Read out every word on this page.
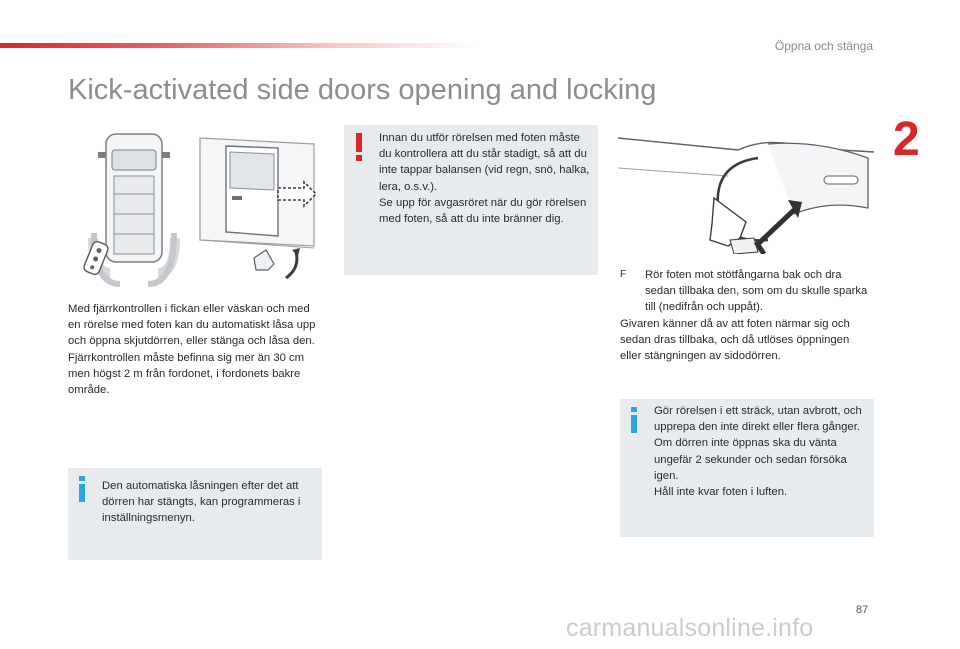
Öppna och stänga
2
Kick-activated side doors opening and locking

Med fjärrkontrollen i fickan eller väskan och med en rörelse med foten kan du automatiskt låsa upp och öppna skjutdörren, eller stänga och låsa den.

Fjärrkontrollen måste befinna sig mer än 30 cm men högst 2 m från fordonet, i fordonets bakre område.

Den automatiska låsningen efter det att dörren har stängts, kan programmeras i inställningsmenyn.

Innan du utför rörelsen med foten måste du kontrollera att du står stadigt, så att du inte tappar balansen (vid regn, snö, halka, lera, o.s.v.).

Se upp för avgasröret när du gör rörelsen med foten, så att du inte bränner dig.

F	Rör foten mot stötfångarna bak och dra sedan tillbaka den, som om du skulle sparka till (nedifrån och uppåt).

Givaren känner då av att foten närmar sig och sedan dras tillbaka, och då utlöses öppningen eller stängningen av sidodörren.

Gör rörelsen i ett sträck, utan avbrott, och upprepa den inte direkt eller flera gånger.

Om dörren inte öppnas ska du vänta ungefär 2 sekunder och sedan försöka igen.

Håll inte kvar foten i luften.

87
carmanualsonline.info
